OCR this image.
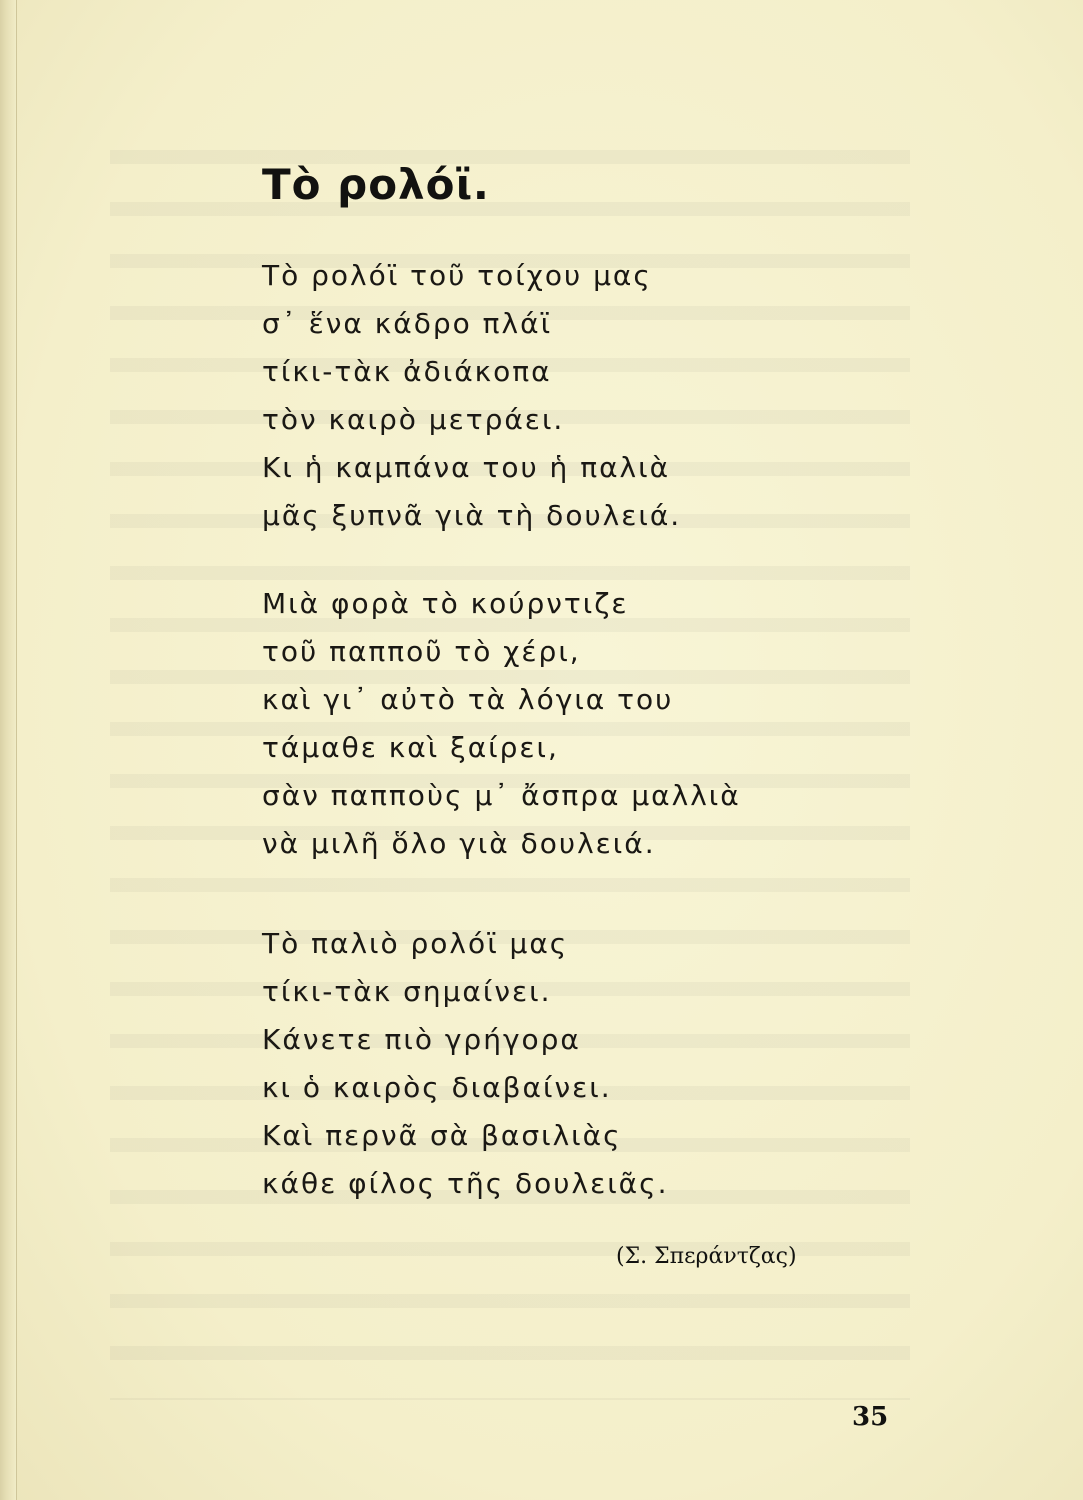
Τὸ ρολόϊ.
Τὸ ρολόϊ τοῦ τοίχου μας
σ᾽ ἕνα κάδρο πλάϊ
τίκι-τὰκ ἀδιάκοπα
τὸν καιρὸ μετράει.
Κι ἡ καμπάνα του ἡ παλιὰ
μᾶς ξυπνᾶ γιὰ τὴ δουλειά.
Μιὰ φορὰ τὸ κούρντιζε
τοῦ παπποῦ τὸ χέρι,
καὶ γι᾽ αὐτὸ τὰ λόγια του
τάμαθε καὶ ξαίρει,
σὰν παπποὺς μ᾽ ἄσπρα μαλλιὰ
νὰ μιλῆ ὅλο γιὰ δουλειά.
Τὸ παλιὸ ρολόϊ μας
τίκι-τὰκ σημαίνει.
Κάνετε πιὸ γρήγορα
κι ὁ καιρὸς διαβαίνει.
Καὶ περνᾶ σὰ βασιλιὰς
κάθε φίλος τῆς δουλειᾶς.
(Σ. Σπεράντζας)
35
